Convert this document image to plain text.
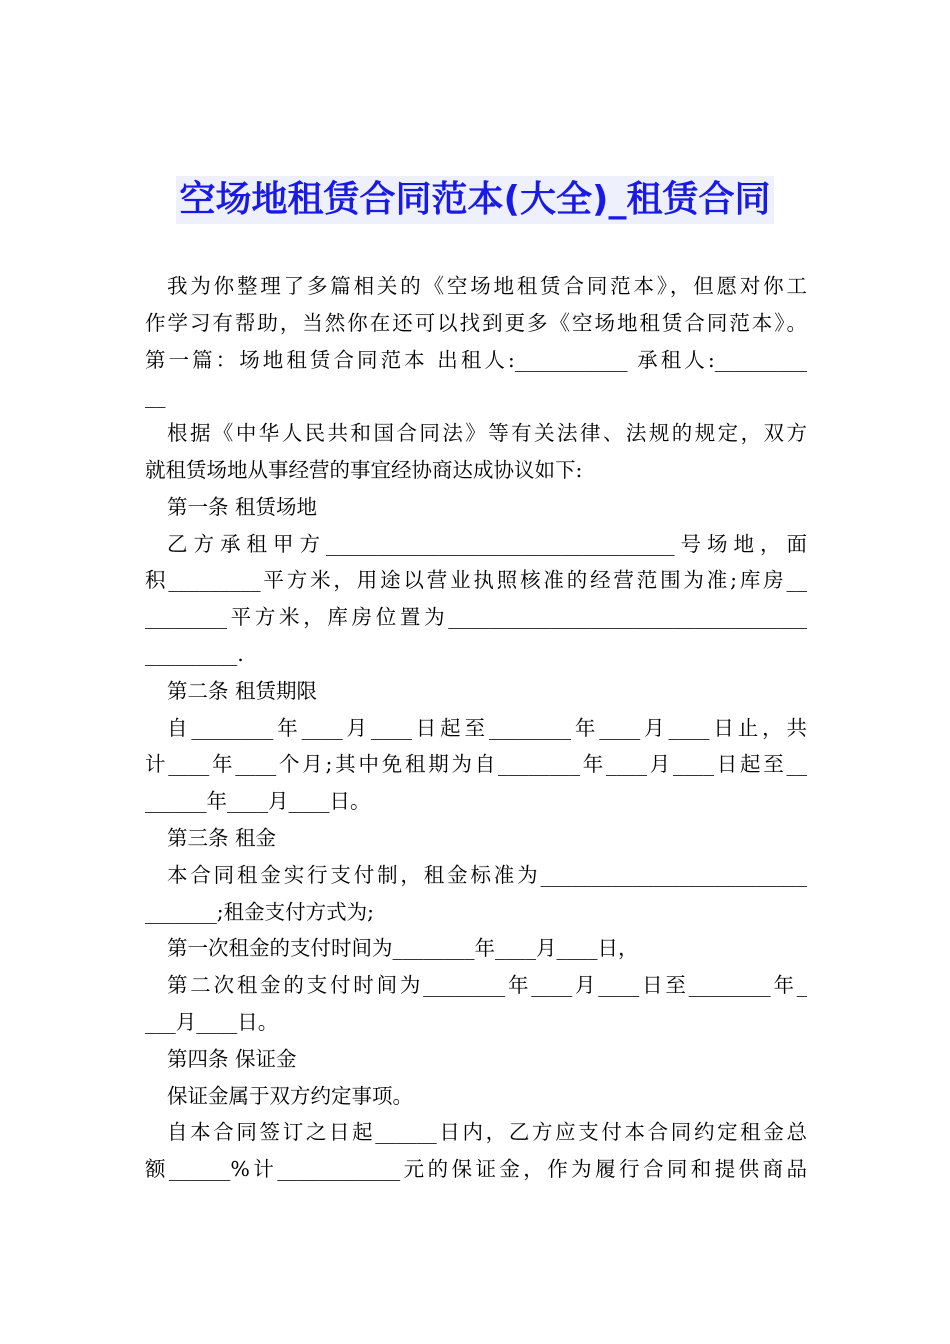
空场地租赁合同范本(大全)_租赁合同
我为你整理了多篇相关的《空场地租赁合同范本》，但愿对你工
作学习有帮助，当然你在还可以找到更多《空场地租赁合同范本》。
第一篇：场地租赁合同范本 出租人:___________ 承租人:_________
__
根据《中华人民共和国合同法》等有关法律、法规的规定，双方
就租赁场地从事经营的事宜经协商达成协议如下:
第一条 租赁场地
乙方承租甲方__________________________________号场地，面
积_________平方米，用途以营业执照核准的经营范围为准;库房__
________平方米，库房位置为___________________________________
_________.
第二条 租赁期限
自________年____月____日起至________年____月____日止，共
计____年____个月;其中免租期为自________年____月____日起至__
______年____月____日。
第三条 租金
本合同租金实行支付制，租金标准为__________________________
_______;租金支付方式为;
第一次租金的支付时间为________年____月____日，
第二次租金的支付时间为________年____月____日至________年_
___月____日。
第四条 保证金
保证金属于双方约定事项。
自本合同签订之日起______日内，乙方应支付本合同约定租金总
额______%计____________元的保证金，作为履行合同和提供商品
